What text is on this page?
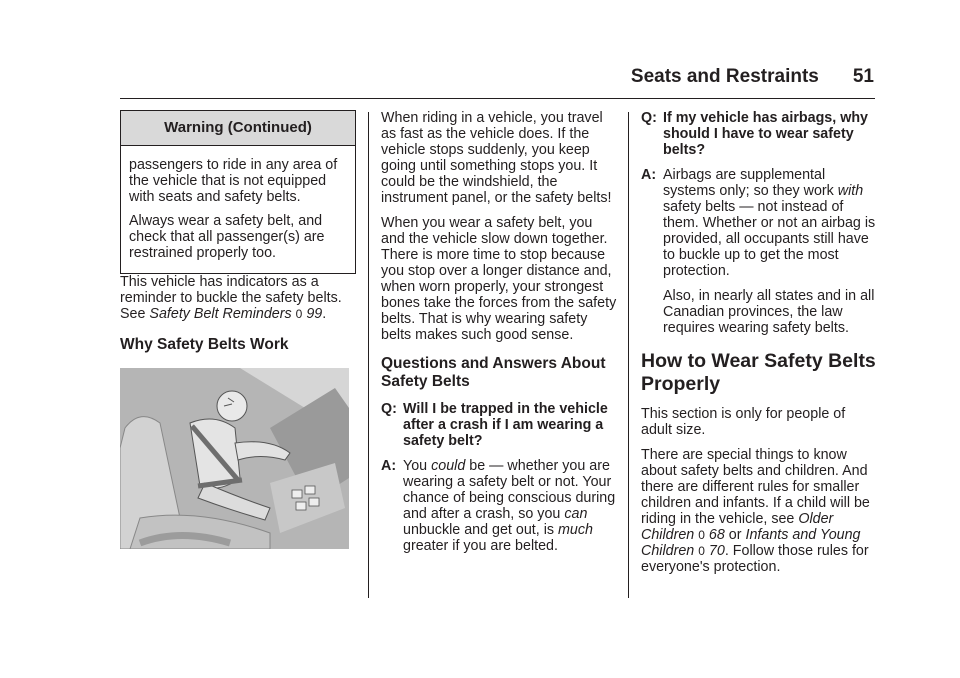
Seats and Restraints 51
Warning (Continued)

passengers to ride in any area of the vehicle that is not equipped with seats and safety belts.

Always wear a safety belt, and check that all passenger(s) are restrained properly too.

This vehicle has indicators as a reminder to buckle the safety belts. See Safety Belt Reminders 0 99.

Why Safety Belts Work

When riding in a vehicle, you travel as fast as the vehicle does. If the vehicle stops suddenly, you keep going until something stops you. It could be the windshield, the instrument panel, or the safety belts!

When you wear a safety belt, you and the vehicle slow down together. There is more time to stop because you stop over a longer distance and, when worn properly, your strongest bones take the forces from the safety belts. That is why wearing safety belts makes such good sense.

Questions and Answers About Safety Belts
Q: Will I be trapped in the vehicle after a crash if I am wearing a safety belt?
A: You could be — whether you are wearing a safety belt or not. Your chance of being conscious during and after a crash, so you can unbuckle and get out, is much greater if you are belted.
Q: If my vehicle has airbags, why should I have to wear safety belts?
A: Airbags are supplemental systems only; so they work with safety belts — not instead of them. Whether or not an airbag is provided, all occupants still have to buckle up to get the most protection.
Also, in nearly all states and in all Canadian provinces, the law requires wearing safety belts.
How to Wear Safety Belts Properly

This section is only for people of adult size.

There are special things to know about safety belts and children. And there are different rules for smaller children and infants. If a child will be riding in the vehicle, see Older Children 0 68 or Infants and Young Children 0 70. Follow those rules for everyone's protection.
